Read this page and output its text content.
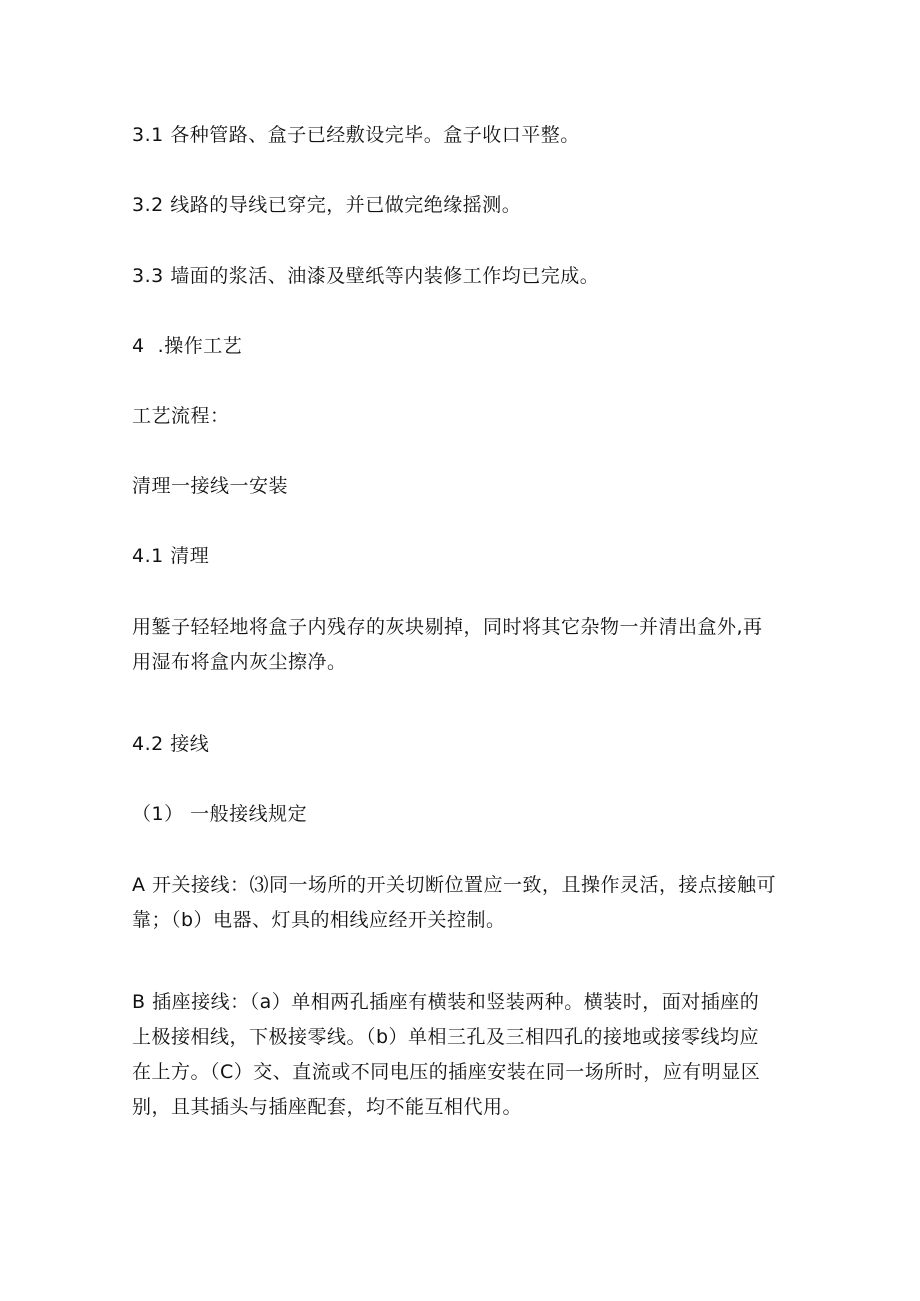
3.1 各种管路、盒子已经敷设完毕。盒子收口平整。

3.2 线路的导线已穿完，并已做完绝缘摇测。

3.3 墙面的浆活、油漆及壁纸等内装修工作均已完成。

4  .操作工艺

工艺流程：

清理一接线一安装

4.1 清理

用錾子轻轻地将盒子内残存的灰块剔掉，同时将其它杂物一并清出盒外,再
用湿布将盒内灰尘擦净。

4.2 接线

（1） 一般接线规定

A 开关接线：⑶同一场所的开关切断位置应一致，且操作灵活，接点接触可
靠；（b）电器、灯具的相线应经开关控制。

B 插座接线：（a）单相两孔插座有横装和竖装两种。横装时，面对插座的
上极接相线，下极接零线。（b）单相三孔及三相四孔的接地或接零线均应
在上方。（C）交、直流或不同电压的插座安装在同一场所时，应有明显区
别，且其插头与插座配套，均不能互相代用。
